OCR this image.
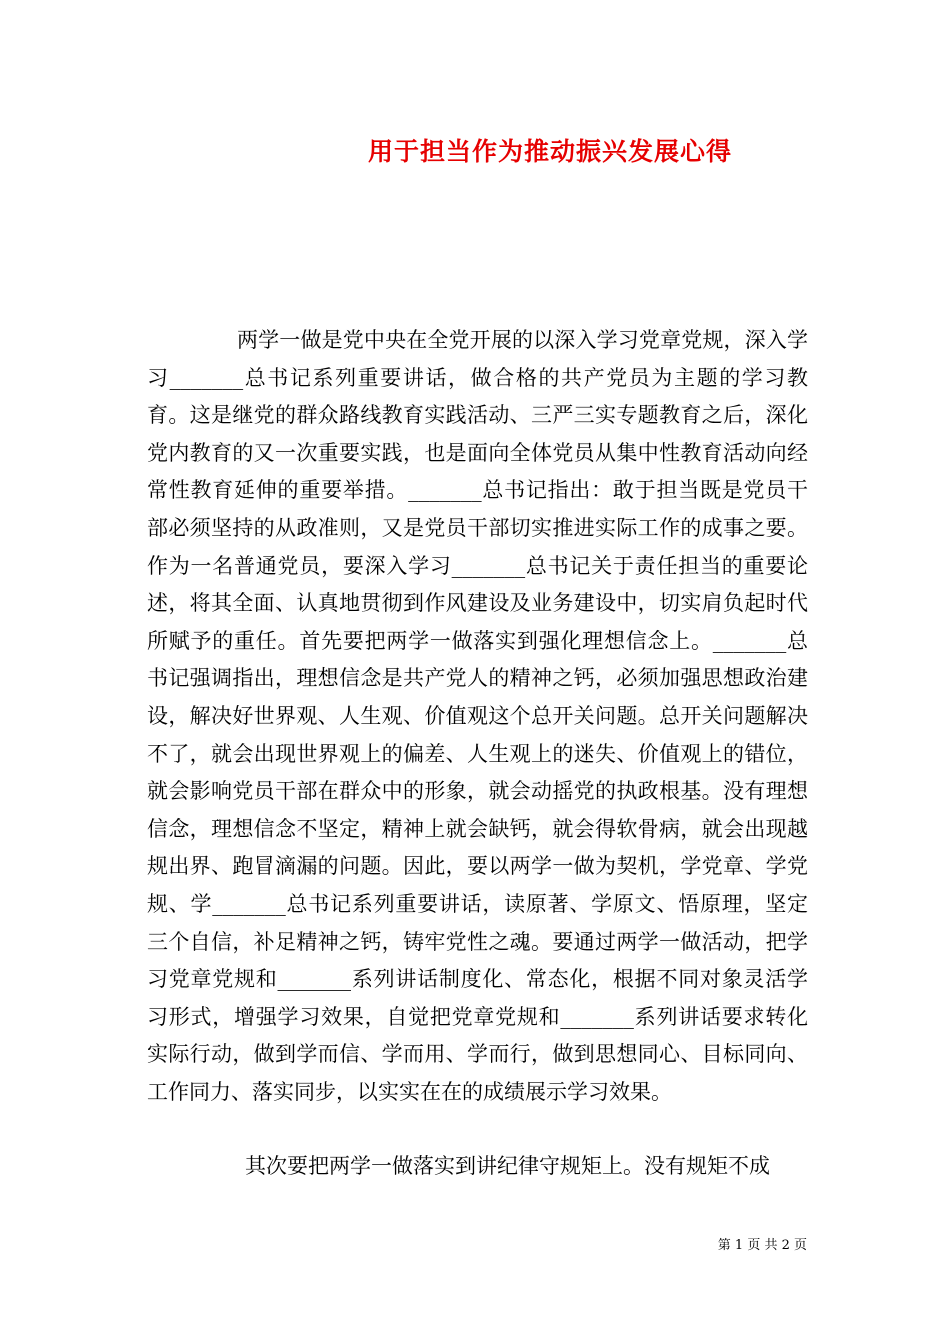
用于担当作为推动振兴发展心得

两学一做是党中央在全党开展的以深入学习党章党规，深入学习_______总书记系列重要讲话，做合格的共产党员为主题的学习教育。这是继党的群众路线教育实践活动、三严三实专题教育之后，深化党内教育的又一次重要实践，也是面向全体党员从集中性教育活动向经常性教育延伸的重要举措。_______总书记指出：敢于担当既是党员干部必须坚持的从政准则，又是党员干部切实推进实际工作的成事之要。作为一名普通党员，要深入学习_______总书记关于责任担当的重要论述，将其全面、认真地贯彻到作风建设及业务建设中，切实肩负起时代所赋予的重任。首先要把两学一做落实到强化理想信念上。_______总书记强调指出，理想信念是共产党人的精神之钙，必须加强思想政治建设，解决好世界观、人生观、价值观这个总开关问题。总开关问题解决不了，就会出现世界观上的偏差、人生观上的迷失、价值观上的错位，就会影响党员干部在群众中的形象，就会动摇党的执政根基。没有理想信念，理想信念不坚定，精神上就会缺钙，就会得软骨病，就会出现越规出界、跑冒滴漏的问题。因此，要以两学一做为契机，学党章、学党规、学_______总书记系列重要讲话，读原著、学原文、悟原理，坚定三个自信，补足精神之钙，铸牢党性之魂。要通过两学一做活动，把学习党章党规和_______系列讲话制度化、常态化，根据不同对象灵活学习形式，增强学习效果，自觉把党章党规和_______系列讲话要求转化实际行动，做到学而信、学而用、学而行，做到思想同心、目标同向、工作同力、落实同步，以实实在在的成绩展示学习效果。

其次要把两学一做落实到讲纪律守规矩上。没有规矩不成

第 1 页 共 2 页
